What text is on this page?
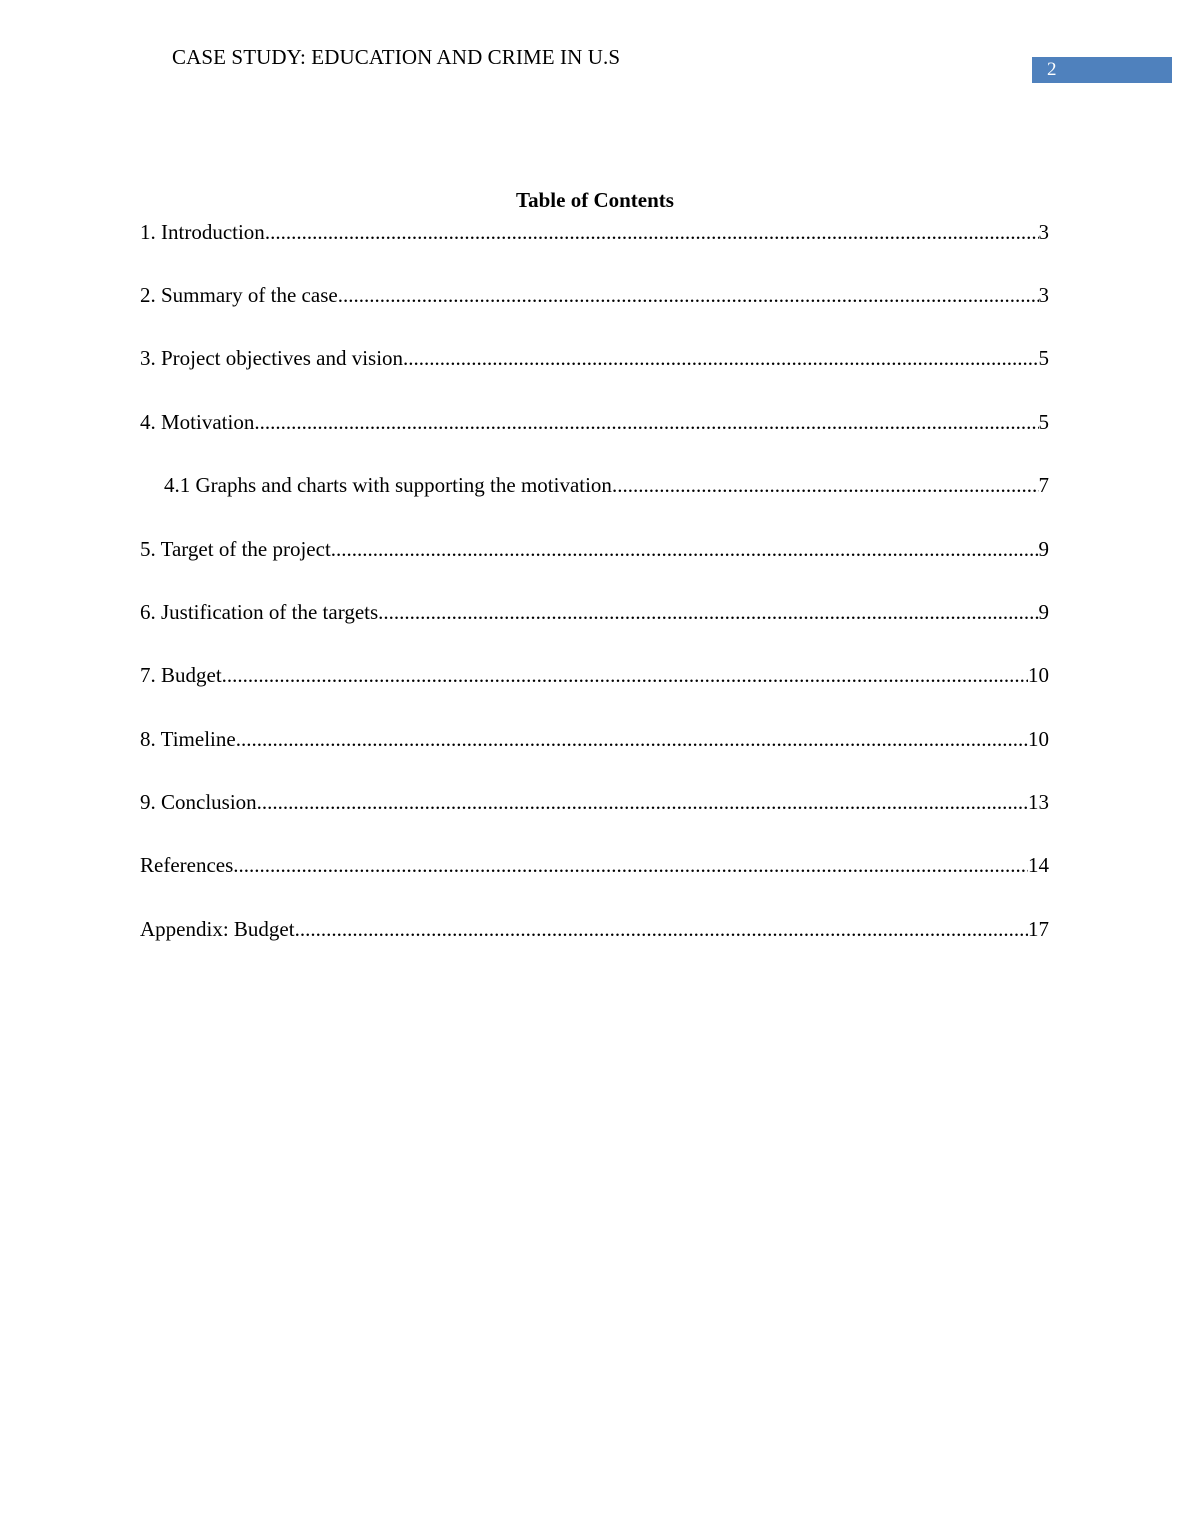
CASE STUDY: EDUCATION AND CRIME IN U.S
2
Table of Contents
1. Introduction .....	3
2. Summary of the case .....	3
3. Project objectives and vision .....	5
4. Motivation .....	5
4.1 Graphs and charts with supporting the motivation .....	7
5. Target of the project .....	9
6. Justification of the targets .....	9
7. Budget .....	10
8. Timeline .....	10
9. Conclusion .....	13
References .....	14
Appendix: Budget .....	17
